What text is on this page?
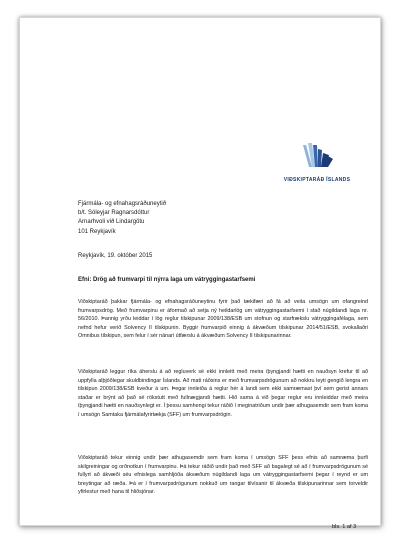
VIÐSKIPTARÁÐ ÍSLANDS
Fjármála- og efnahagsráðuneytið
b/t. Sóleyjar Ragnarsdóttur
Arnarhvoli við Lindargötu
101 Reykjavík
Reykjavík, 19. október 2015
Efni: Drög að frumvarpi til nýrra laga um vátryggingastarfsemi

Viðskiptaráð þakkar fjármála- og efnahagsráðuneytinu fyrir það tækifæri að fá að veita umsögn um ofangreind frumvarpsdrög. Með frumvarpinu er áformað að setja ný heildarlög um vátryggingastarfsemi í stað núgildandi laga nr. 56/2010. Þannig yrðu leiddar í lög reglur tilskipunar 2009/138/ESB um stofnun og starfrækslu vátryggingafélaga, sem nefnd hefur verið Solvency II tilskipunin. Byggir frumvarpið einnig á ákvæðum tilskipunar 2014/51/ESB, svokallaðri Omnibus tilskipun, sem felur í sér nánari útfærslu á ákvæðum Solvency II tilskipunarinnar.

Viðskiptaráð leggur ríka áherslu á að regluverk sé ekki innleitt með meira íþyngjandi hætti en nauðsyn krefur til að uppfylla alþjóðlegar skuldbindingar Íslands. Að mati ráðsins er með frumvarpsdrögunum að nokkru leyti gengið lengra en tilskipun 2009/138/ESB kveður á um. Þegar innleiða á reglur hér á landi sem ekki samræmast því sem gerist annars staðar er brýnt að það sé rökstutt með fullnægjandi hætti. Hið sama á við þegar reglur eru innleiddar með meira íþyngjandi hætti en nauðsynlegt er. Í þessu samhengi tekur ráðið í meginatriðum undir þær athugasemdir sem fram koma í umsögn Samtaka fjármálafyrirtækja (SFF) um frumvarpsdrögin.

Viðskiptaráð tekur einnig undir þær athugasemdir sem fram koma í umsögn SFF þess efnis að samræma þurfi skilgreiningar og orðnotkun í frumvarpinu. Þá tekur ráðið undir það með SFF að bagalegt sé að í frumvarpsdrögunum sé fullyrt að ákvæði séu efnislega samhljóða ákvæðum núgildandi laga um vátryggingastarfsemi þegar í reynd er um breytingar að ræða. Þá er í frumvarpsdrögunum nokkuð um rangar tilvísanir til ákvæða tilskipunarinnar sem torveldir yfirlestur með hana til hliðsjónar.

bls. 1 af 3
